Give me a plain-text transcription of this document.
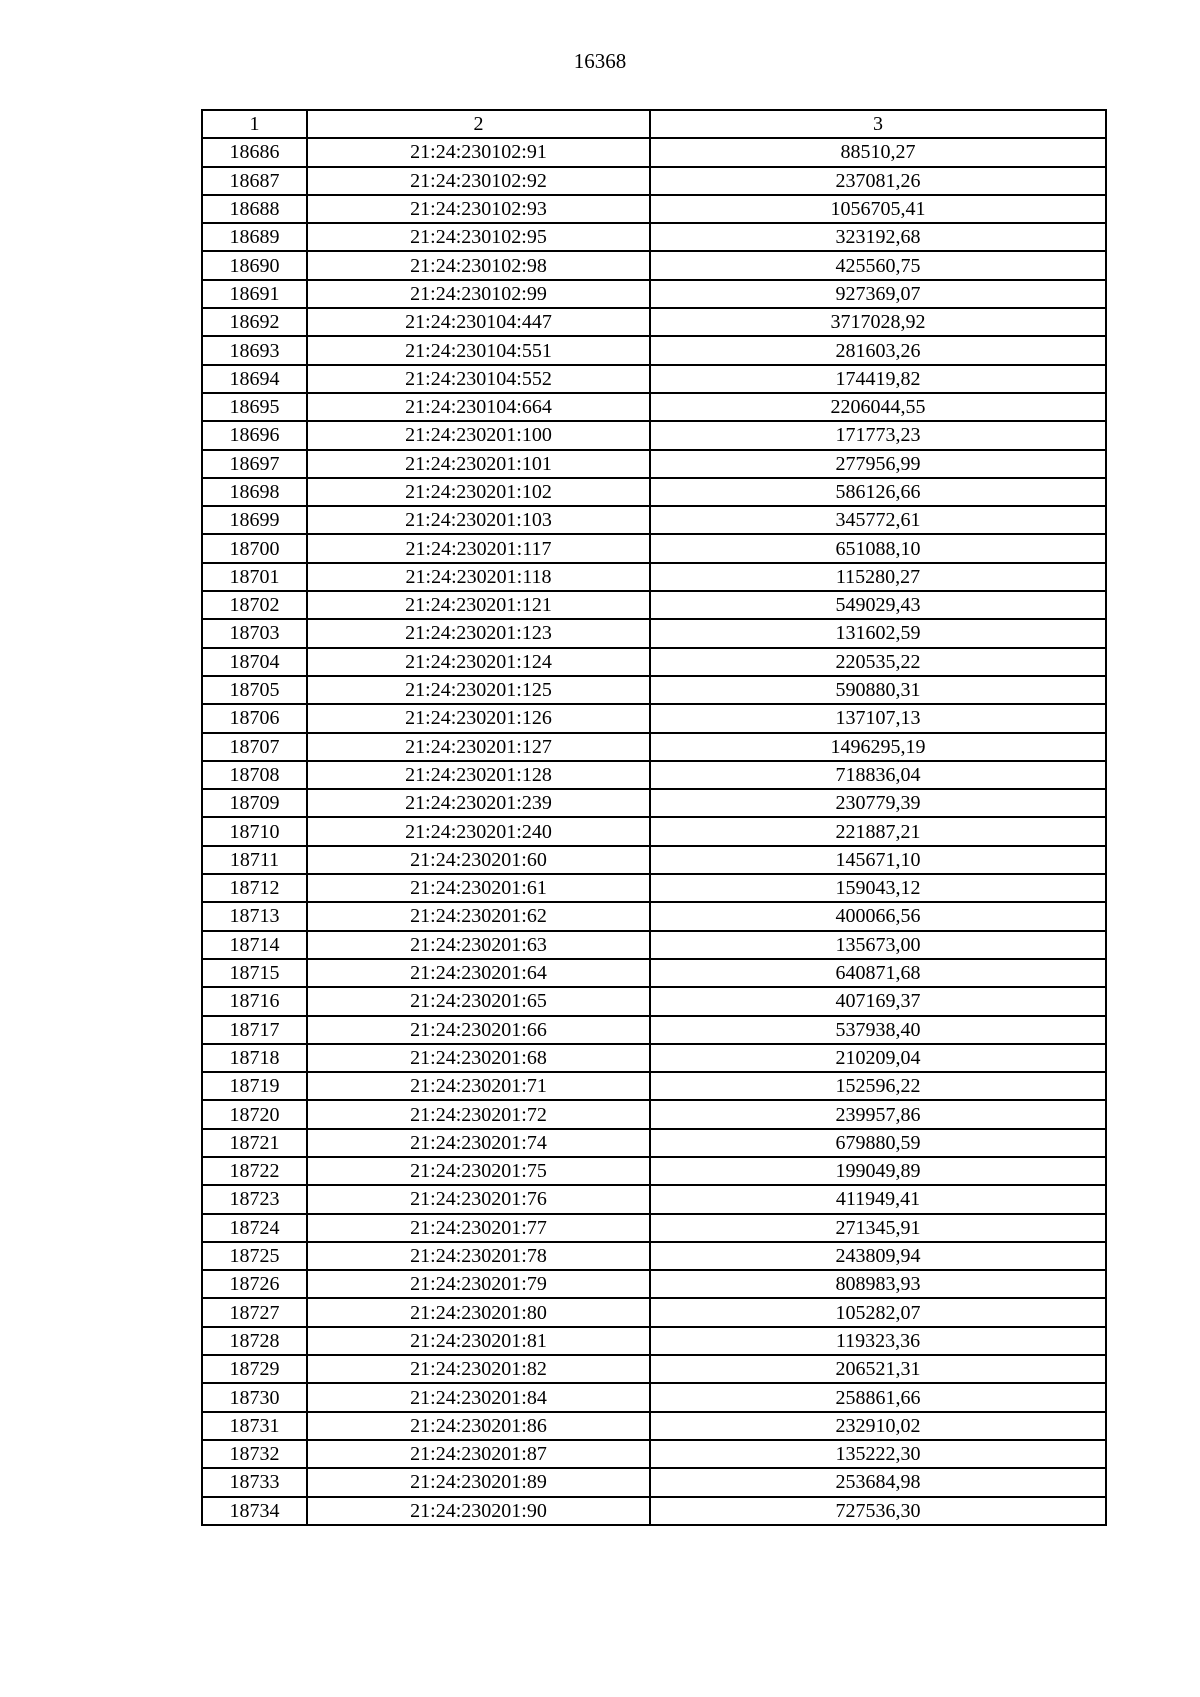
16368
1	2	3
18686	21:24:230102:91	88510,27
18687	21:24:230102:92	237081,26
18688	21:24:230102:93	1056705,41
18689	21:24:230102:95	323192,68
18690	21:24:230102:98	425560,75
18691	21:24:230102:99	927369,07
18692	21:24:230104:447	3717028,92
18693	21:24:230104:551	281603,26
18694	21:24:230104:552	174419,82
18695	21:24:230104:664	2206044,55
18696	21:24:230201:100	171773,23
18697	21:24:230201:101	277956,99
18698	21:24:230201:102	586126,66
18699	21:24:230201:103	345772,61
18700	21:24:230201:117	651088,10
18701	21:24:230201:118	115280,27
18702	21:24:230201:121	549029,43
18703	21:24:230201:123	131602,59
18704	21:24:230201:124	220535,22
18705	21:24:230201:125	590880,31
18706	21:24:230201:126	137107,13
18707	21:24:230201:127	1496295,19
18708	21:24:230201:128	718836,04
18709	21:24:230201:239	230779,39
18710	21:24:230201:240	221887,21
18711	21:24:230201:60	145671,10
18712	21:24:230201:61	159043,12
18713	21:24:230201:62	400066,56
18714	21:24:230201:63	135673,00
18715	21:24:230201:64	640871,68
18716	21:24:230201:65	407169,37
18717	21:24:230201:66	537938,40
18718	21:24:230201:68	210209,04
18719	21:24:230201:71	152596,22
18720	21:24:230201:72	239957,86
18721	21:24:230201:74	679880,59
18722	21:24:230201:75	199049,89
18723	21:24:230201:76	411949,41
18724	21:24:230201:77	271345,91
18725	21:24:230201:78	243809,94
18726	21:24:230201:79	808983,93
18727	21:24:230201:80	105282,07
18728	21:24:230201:81	119323,36
18729	21:24:230201:82	206521,31
18730	21:24:230201:84	258861,66
18731	21:24:230201:86	232910,02
18732	21:24:230201:87	135222,30
18733	21:24:230201:89	253684,98
18734	21:24:230201:90	727536,30
